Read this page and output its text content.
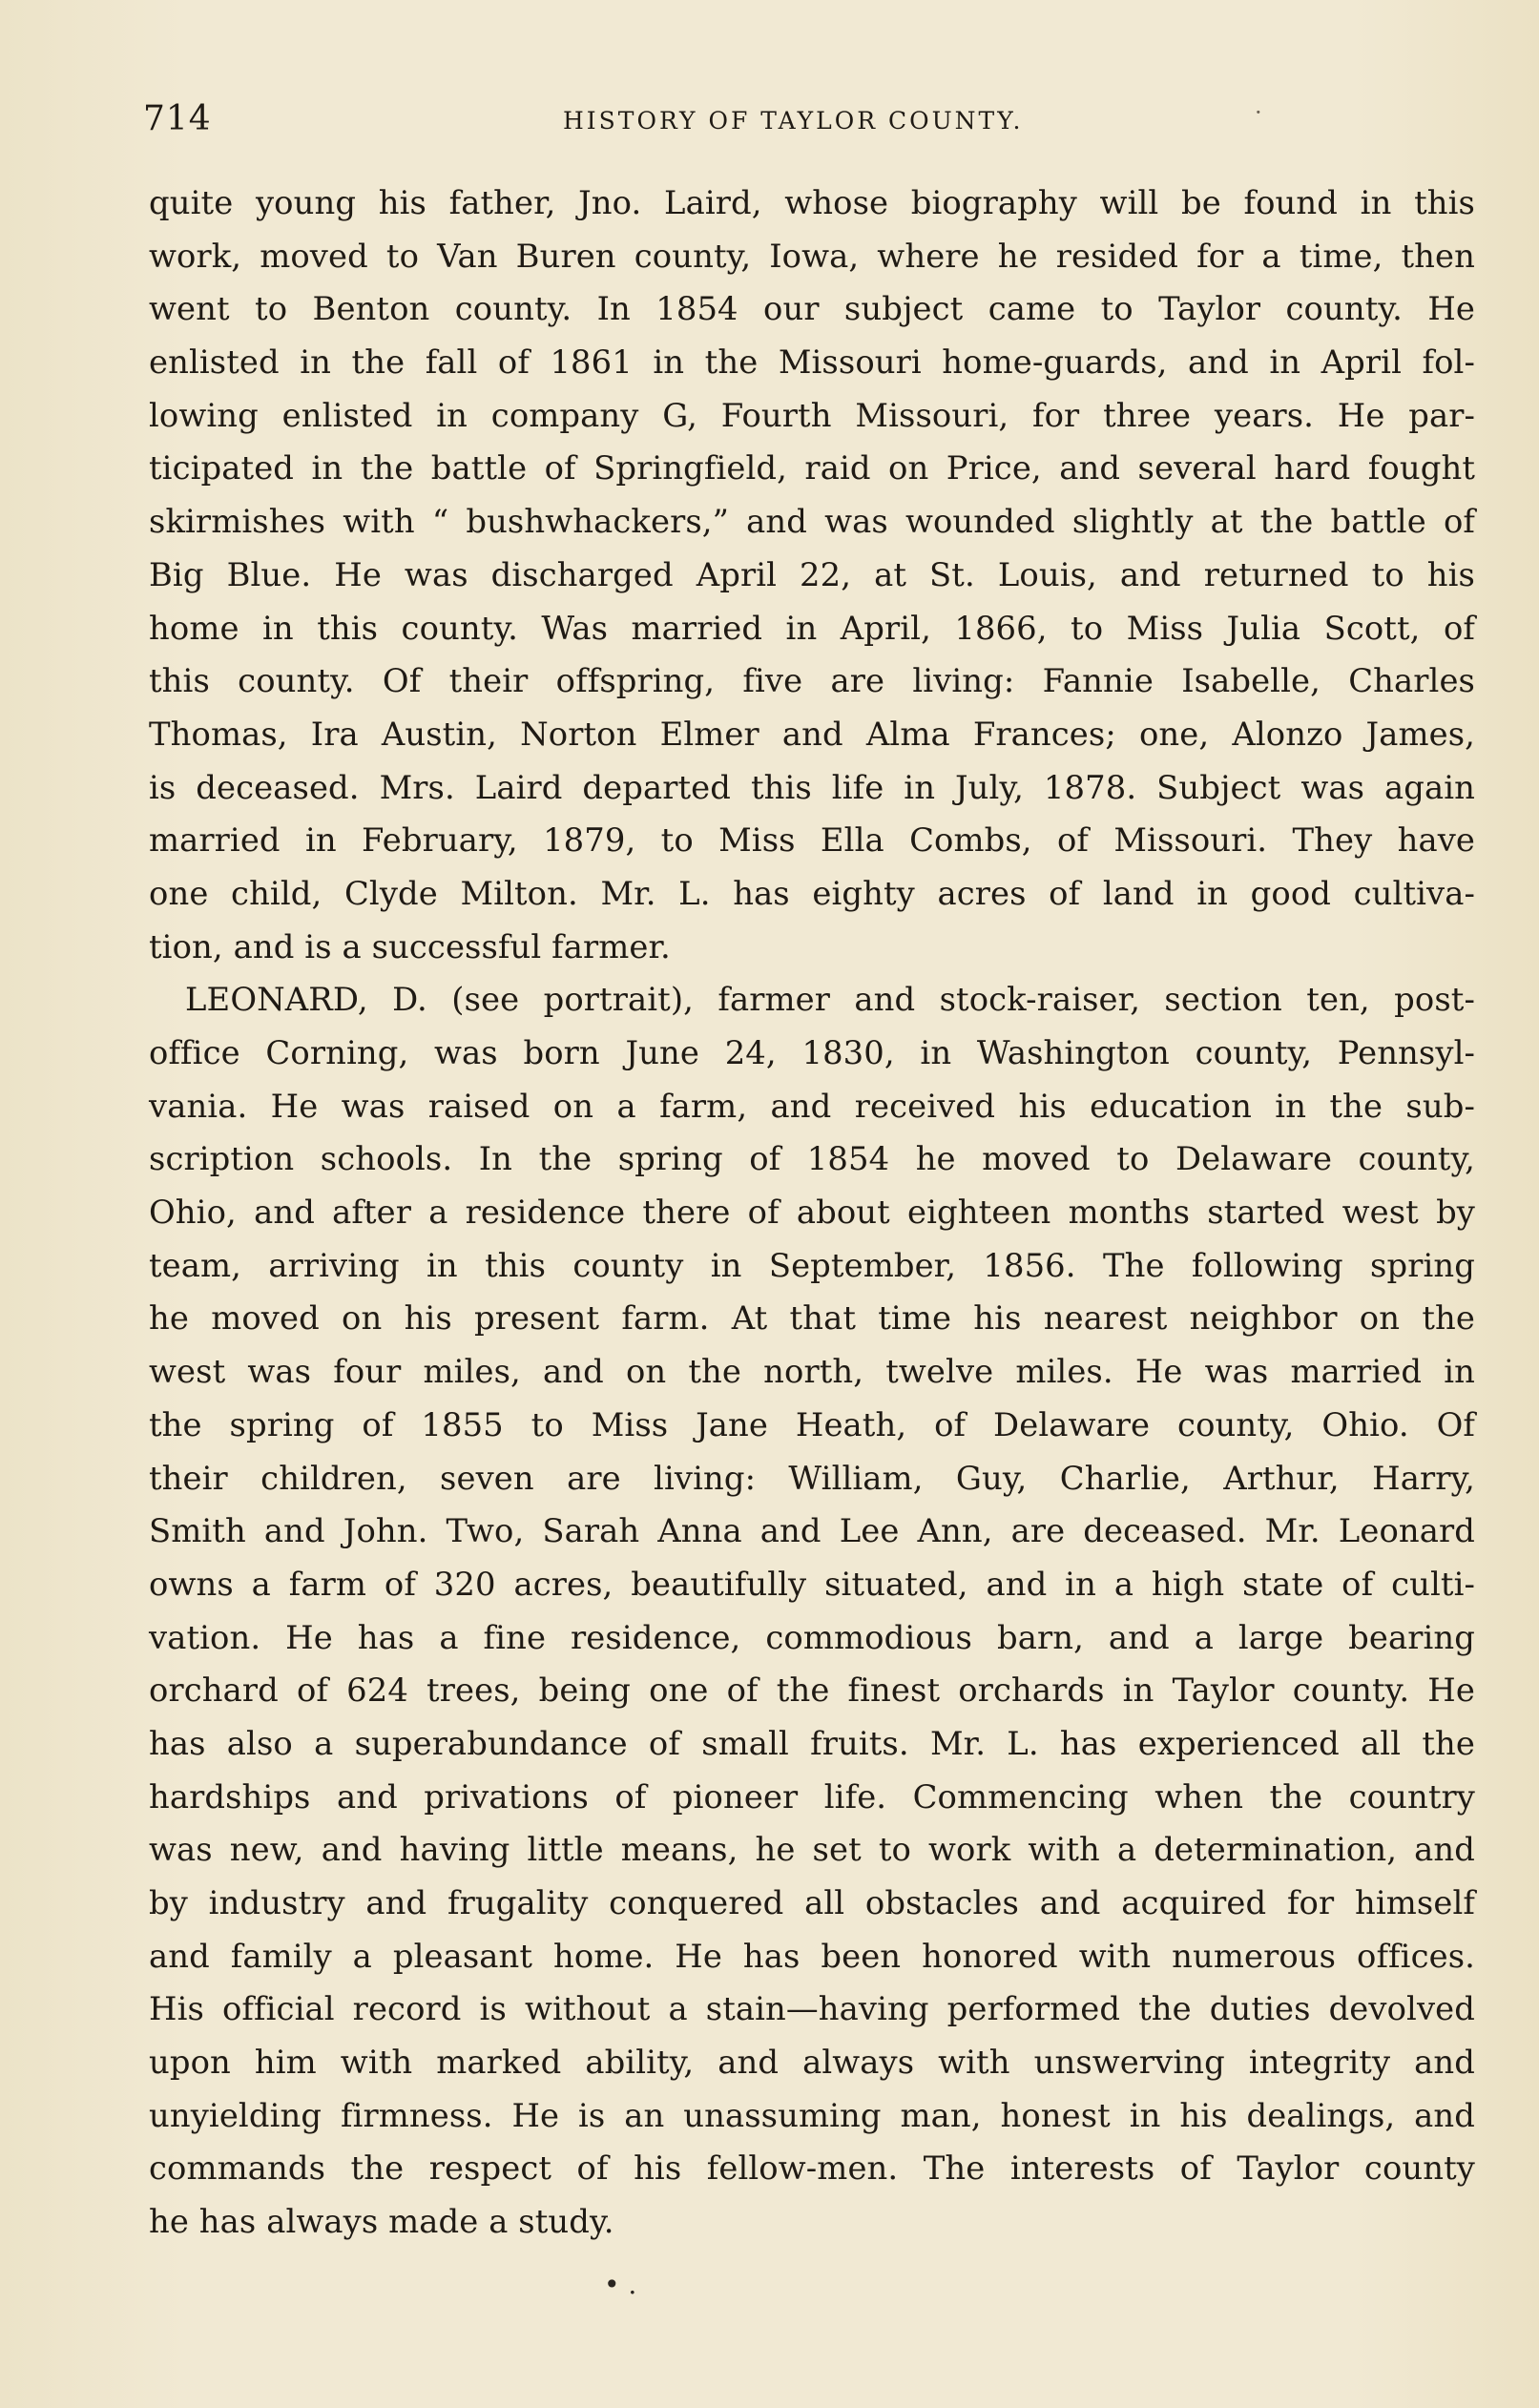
714	HISTORY OF TAYLOR COUNTY.	·
quite young his father, Jno. Laird, whose biography will be found in this
work, moved to Van Buren county, Iowa, where he resided for a time, then
went to Benton county. In 1854 our subject came to Taylor county. He
enlisted in the fall of 1861 in the Missouri home-guards, and in April fol-
lowing enlisted in company G, Fourth Missouri, for three years. He par-
ticipated in the battle of Springfield, raid on Price, and several hard fought
skirmishes with “ bushwhackers,” and was wounded slightly at the battle of
Big Blue. He was discharged April 22, at St. Louis, and returned to his
home in this county. Was married in April, 1866, to Miss Julia Scott, of
this county. Of their offspring, five are living: Fannie Isabelle, Charles
Thomas, Ira Austin, Norton Elmer and Alma Frances; one, Alonzo James,
is deceased. Mrs. Laird departed this life in July, 1878. Subject was again
married in February, 1879, to Miss Ella Combs, of Missouri. They have
one child, Clyde Milton. Mr. L. has eighty acres of land in good cultiva-
tion, and is a successful farmer.
LEONARD, D. (see portrait), farmer and stock-raiser, section ten, post-
office Corning, was born June 24, 1830, in Washington county, Pennsyl-
vania. He was raised on a farm, and received his education in the sub-
scription schools. In the spring of 1854 he moved to Delaware county,
Ohio, and after a residence there of about eighteen months started west by
team, arriving in this county in September, 1856. The following spring
he moved on his present farm. At that time his nearest neighbor on the
west was four miles, and on the north, twelve miles. He was married in
the spring of 1855 to Miss Jane Heath, of Delaware county, Ohio. Of
their children, seven are living: William, Guy, Charlie, Arthur, Harry,
Smith and John. Two, Sarah Anna and Lee Ann, are deceased. Mr. Leonard
owns a farm of 320 acres, beautifully situated, and in a high state of culti-
vation. He has a fine residence, commodious barn, and a large bearing
orchard of 624 trees, being one of the finest orchards in Taylor county. He
has also a superabundance of small fruits. Mr. L. has experienced all the
hardships and privations of pioneer life. Commencing when the country
was new, and having little means, he set to work with a determination, and
by industry and frugality conquered all obstacles and acquired for himself
and family a pleasant home. He has been honored with numerous offices.
His official record is without a stain—having performed the duties devolved
upon him with marked ability, and always with unswerving integrity and
unyielding firmness. He is an unassuming man, honest in his dealings, and
commands the respect of his fellow-men. The interests of Taylor county
he has always made a study.
• .
